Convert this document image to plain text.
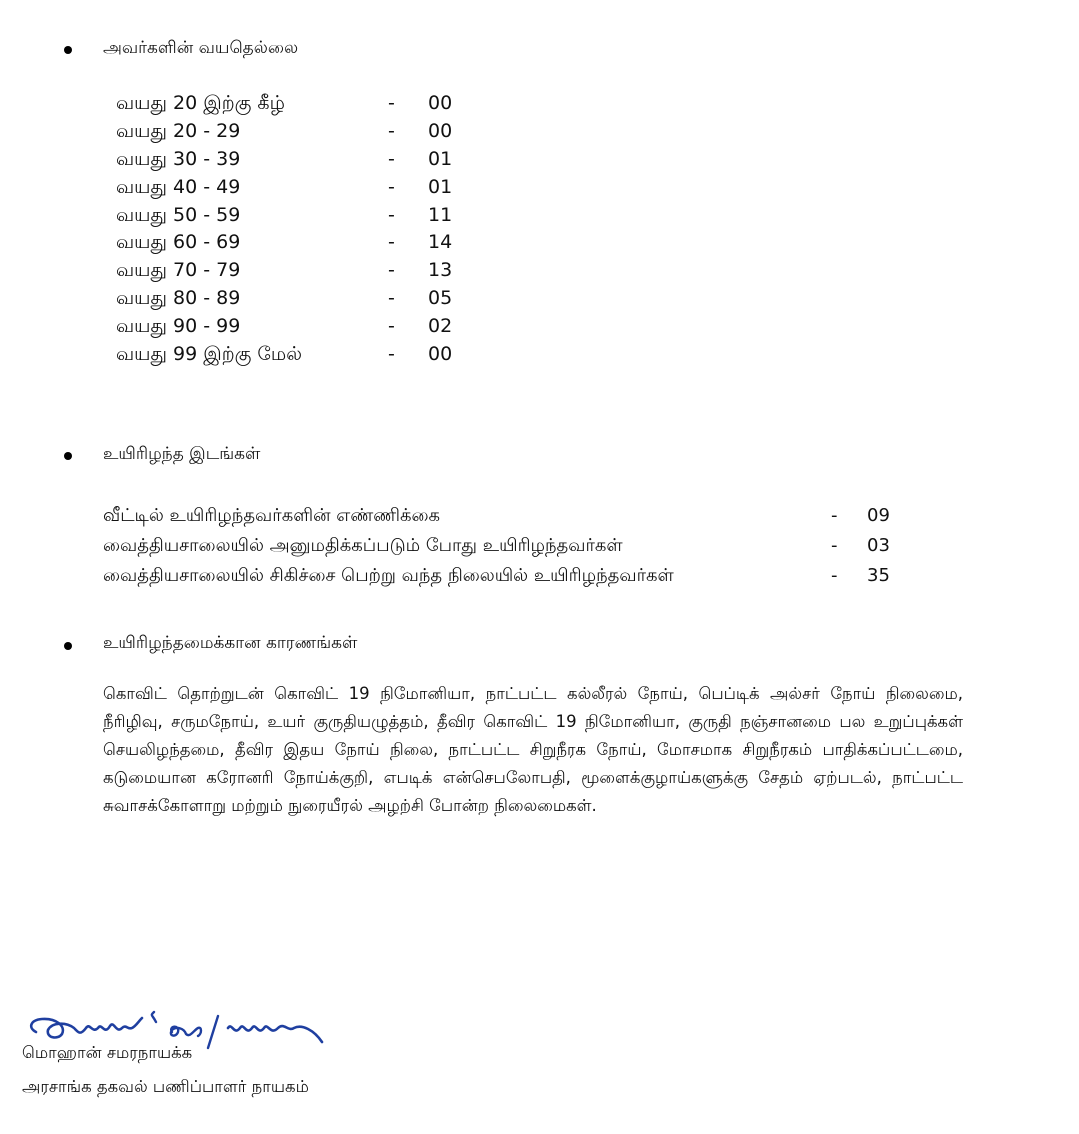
அவர்களின் வயதெல்லை
வயது 20 இற்கு கீழ்	- 00
வயது 20 - 29	- 00
வயது 30 - 39	- 01
வயது 40 - 49	- 01
வயது 50 - 59	- 11
வயது 60 - 69	- 14
வயது 70 - 79	- 13
வயது 80 - 89	- 05
வயது 90 - 99	- 02
வயது 99 இற்கு மேல்	- 00
உயிரிழந்த இடங்கள்
வீட்டில் உயிரிழந்தவர்களின் எண்ணிக்கை	- 09
வைத்தியசாலையில் அனுமதிக்கப்படும் போது உயிரிழந்தவர்கள்	- 03
வைத்தியசாலையில் சிகிச்சை பெற்று வந்த நிலையில் உயிரிழந்தவர்கள்	- 35
உயிரிழந்தமைக்கான காரணங்கள்
கொவிட் தொற்றுடன் கொவிட் 19 நிமோனியா, நாட்பட்ட கல்லீரல் நோய், பெப்டிக் அல்சர் நோய் நிலைமை, நீரிழிவு, சருமநோய், உயர் குருதியழுத்தம், தீவிர கொவிட் 19 நிமோனியா, குருதி நஞ்சானமை பல உறுப்புக்கள் செயலிழந்தமை, தீவிர இதய நோய் நிலை, நாட்பட்ட சிறுநீரக நோய், மோசமாக சிறுநீரகம் பாதிக்கப்பட்டமை, கடுமையான கரோனரி நோய்க்குறி, எபடிக் என்செபலோபதி, மூளைக்குழாய்களுக்கு சேதம் ஏற்படல், நாட்பட்ட சுவாசக்கோளாறு மற்றும் நுரையீரல் அழற்சி போன்ற நிலைமைகள்.
மொஹான் சமரநாயக்க
அரசாங்க தகவல் பணிப்பாளர் நாயகம்
